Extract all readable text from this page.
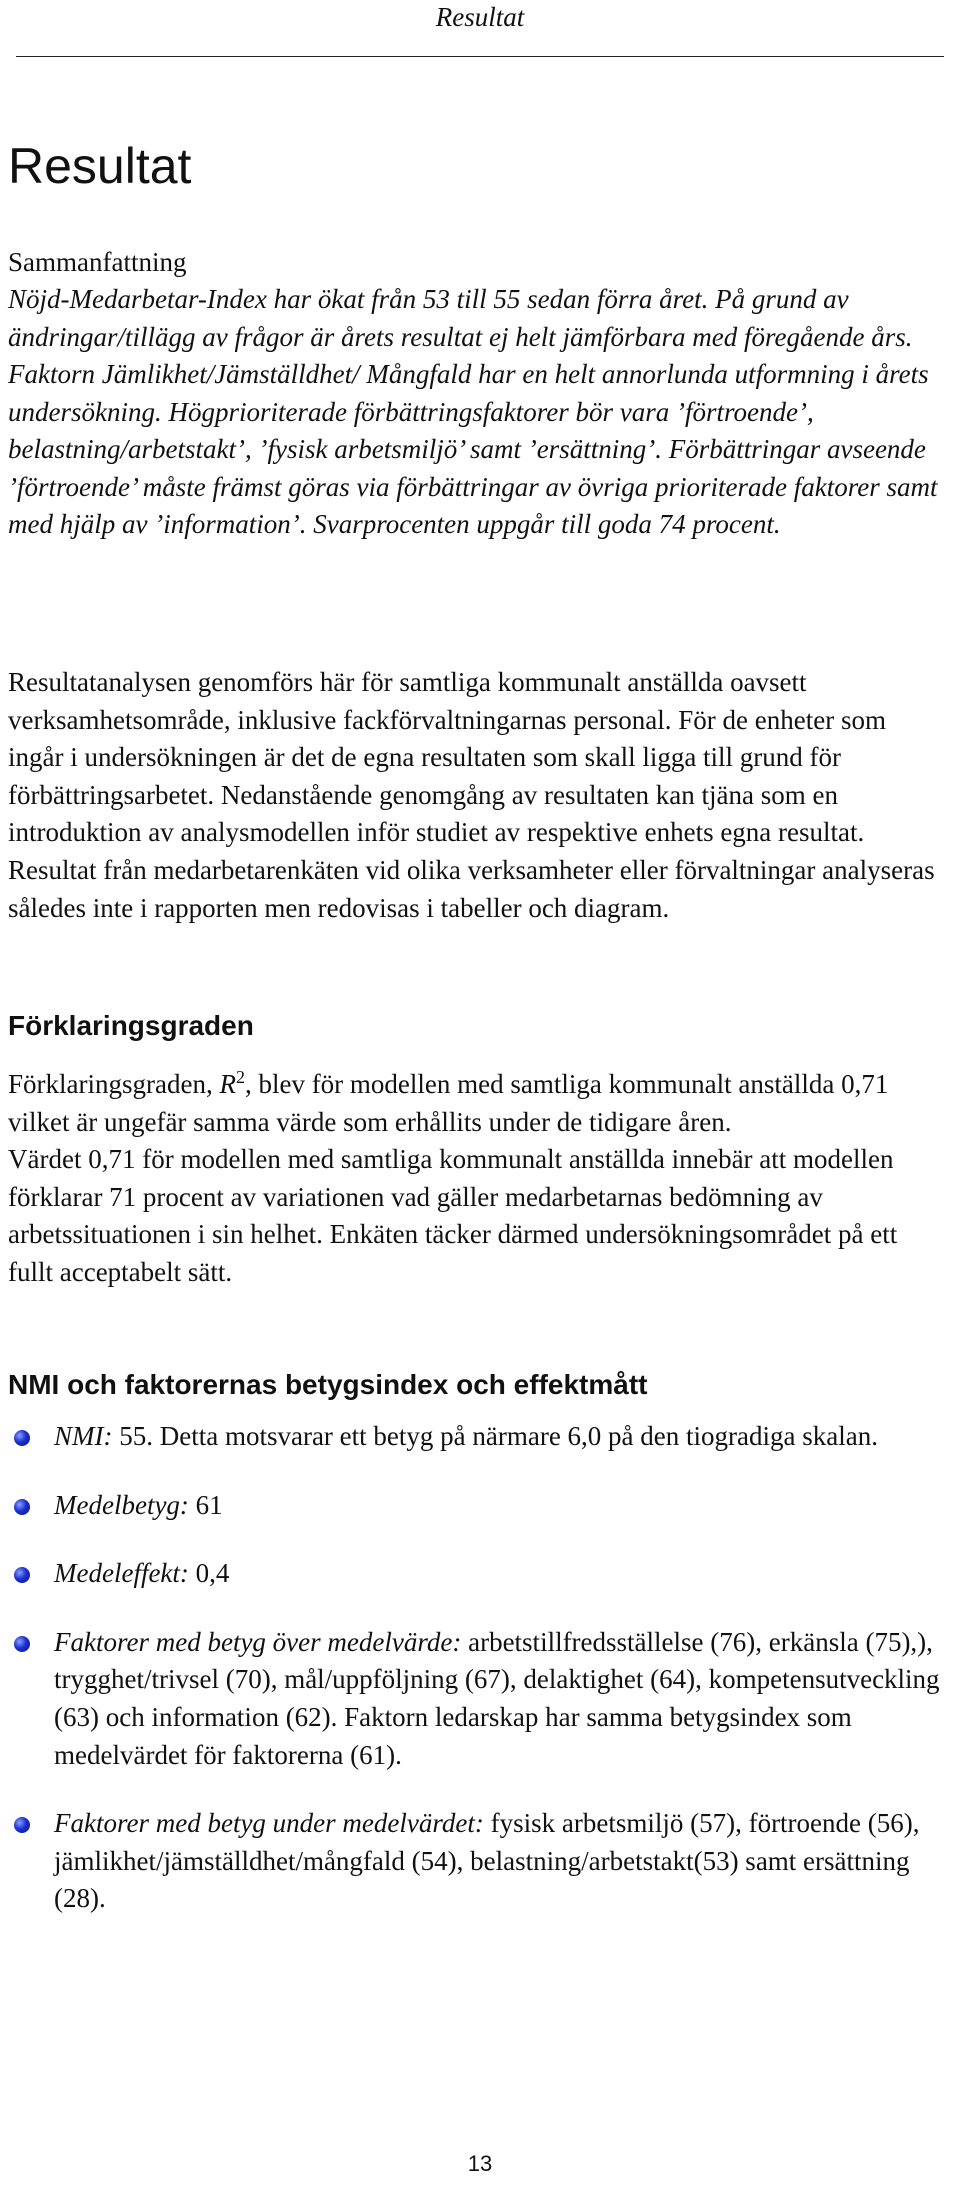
Resultat
Resultat
Sammanfattning

Nöjd-Medarbetar-Index har ökat från 53 till 55 sedan förra året. På grund av ändringar/tillägg av frågor är årets resultat ej helt jämförbara med föregående års. Faktorn Jämlikhet/Jämställdhet/ Mångfald har en helt annorlunda utformning i årets undersökning. Högprioriterade förbättringsfaktorer bör vara ’förtroende’, belastning/arbetstakt’, ’fysisk arbetsmiljö’ samt ’ersättning’. Förbättringar avseende ’förtroende’ måste främst göras via förbättringar av övriga prioriterade faktorer samt med hjälp av ’information’. Svarprocenten uppgår till goda 74 procent.

Resultatanalysen genomförs här för samtliga kommunalt anställda oavsett verksamhetsområde, inklusive fackförvaltningarnas personal. För de enheter som ingår i undersökningen är det de egna resultaten som skall ligga till grund för förbättringsarbetet. Nedanstående genomgång av resultaten kan tjäna som en introduktion av analysmodellen inför studiet av respektive enhets egna resultat. Resultat från medarbetarenkäten vid olika verksamheter eller förvaltningar analyseras således inte i rapporten men redovisas i tabeller och diagram.

Förklaringsgraden

Förklaringsgraden, $R^2$, blev för modellen med samtliga kommunalt anställda 0,71 vilket är ungefär samma värde som erhållits under de tidigare åren.

Värdet 0,71 för modellen med samtliga kommunalt anställda innebär att modellen förklarar 71 procent av variationen vad gäller medarbetarnas bedömning av arbetssituationen i sin helhet. Enkäten täcker därmed undersökningsområdet på ett fullt acceptabelt sätt.

NMI och faktorernas betygsindex och effektmått
NMI: 55. Detta motsvarar ett betyg på närmare 6,0 på den tiogradiga skalan.
Medelbetyg: 61
Medeleffekt: 0,4
Faktorer med betyg över medelvärde: arbetstillfredsställelse (76), erkänsla (75),), trygghet/trivsel (70), mål/uppföljning (67), delaktighet (64), kompetensutveckling (63) och information (62). Faktorn ledarskap har samma betygsindex som medelvärdet för faktorerna (61).
Faktorer med betyg under medelvärdet: fysisk arbetsmiljö (57), förtroende (56), jämlikhet/jämställdhet/mångfald (54), belastning/arbetstakt(53) samt ersättning (28).
13
